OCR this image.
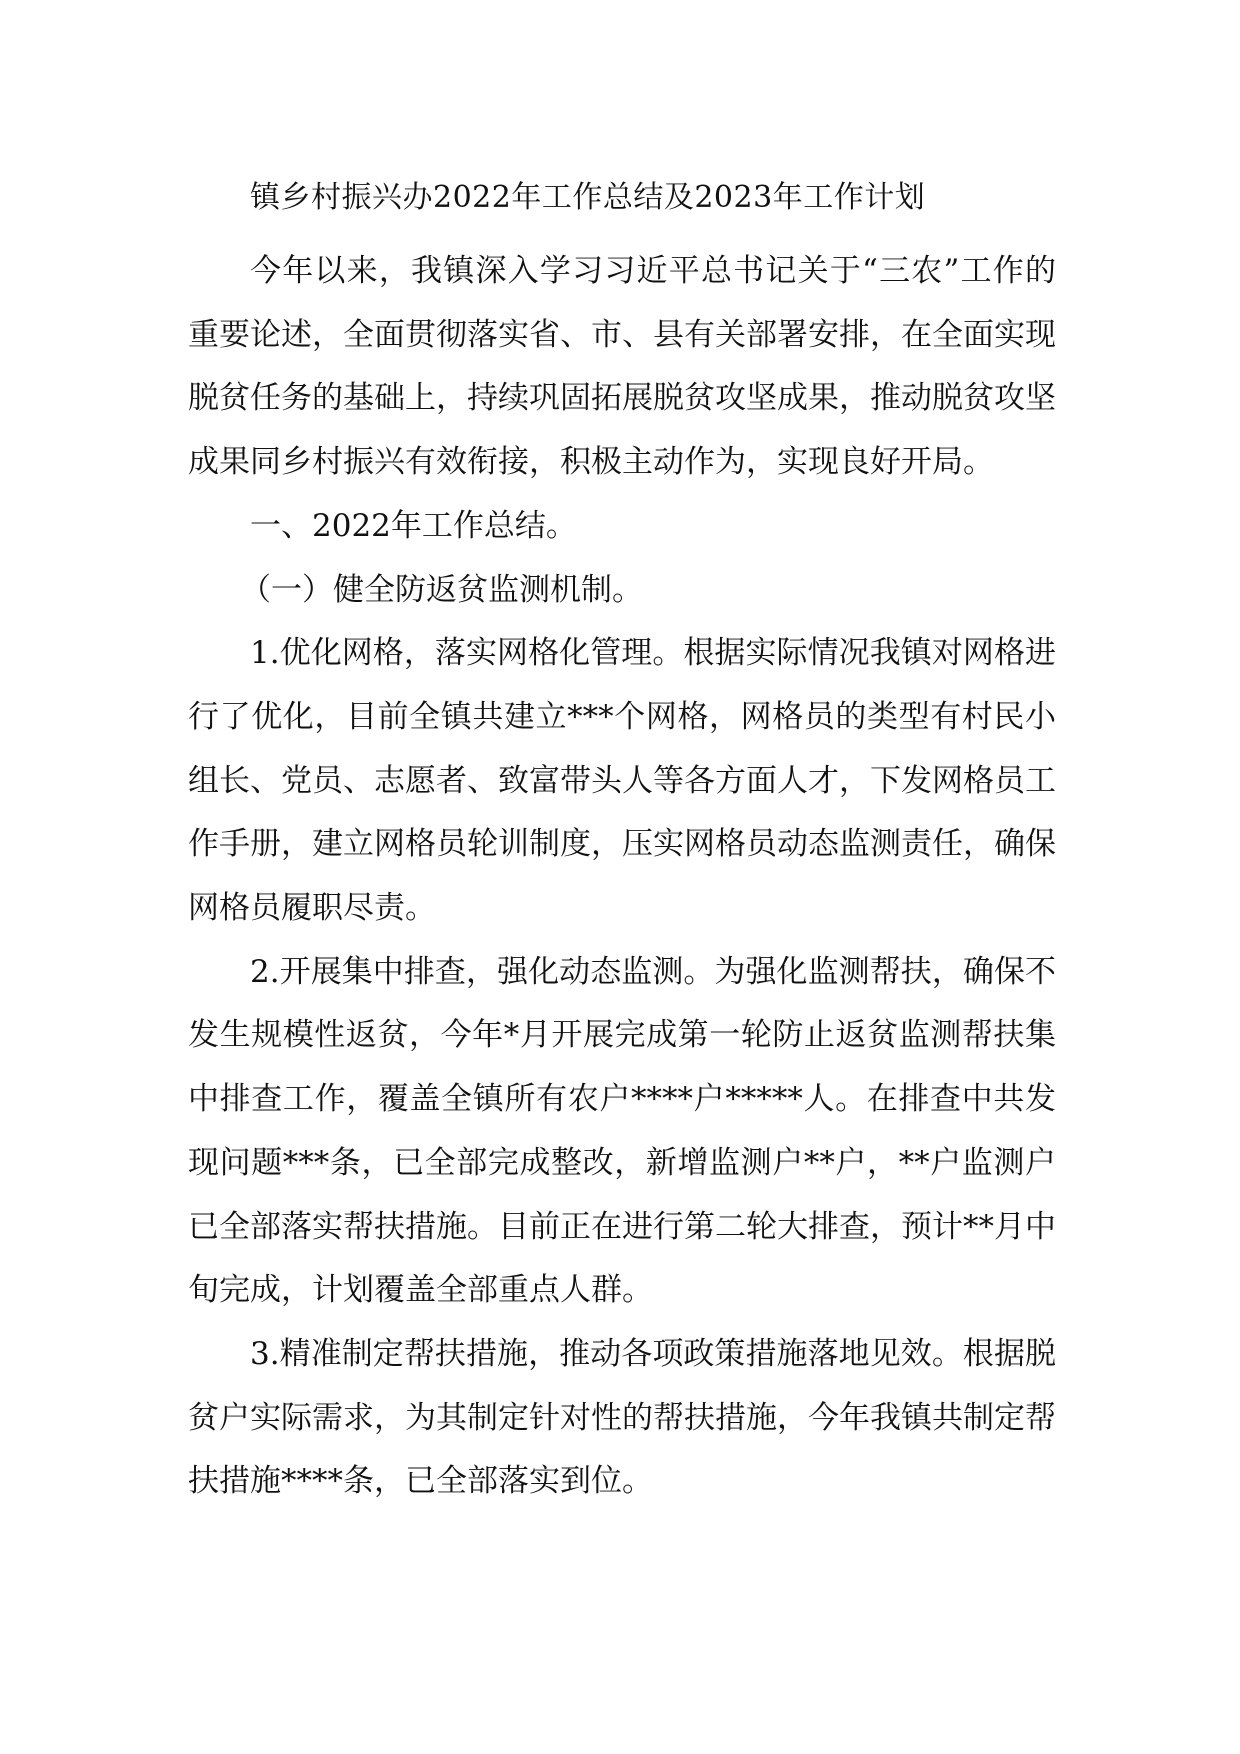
镇乡村振兴办2022年工作总结及2023年工作计划

今年以来，我镇深入学习习近平总书记关于“三农”工作的重要论述，全面贯彻落实省、市、县有关部署安排，在全面实现脱贫任务的基础上，持续巩固拓展脱贫攻坚成果，推动脱贫攻坚成果同乡村振兴有效衔接，积极主动作为，实现良好开局。

一、2022年工作总结。

（一）健全防返贫监测机制。

1.优化网格，落实网格化管理。根据实际情况我镇对网格进行了优化，目前全镇共建立***个网格，网格员的类型有村民小组长、党员、志愿者、致富带头人等各方面人才，下发网格员工作手册，建立网格员轮训制度，压实网格员动态监测责任，确保网格员履职尽责。

2.开展集中排查，强化动态监测。为强化监测帮扶，确保不发生规模性返贫，今年*月开展完成第一轮防止返贫监测帮扶集中排查工作，覆盖全镇所有农户****户*****人。在排查中共发现问题***条，已全部完成整改，新增监测户**户，**户监测户已全部落实帮扶措施。目前正在进行第二轮大排查，预计**月中旬完成，计划覆盖全部重点人群。

3.精准制定帮扶措施，推动各项政策措施落地见效。根据脱贫户实际需求，为其制定针对性的帮扶措施，今年我镇共制定帮扶措施****条，已全部落实到位。
